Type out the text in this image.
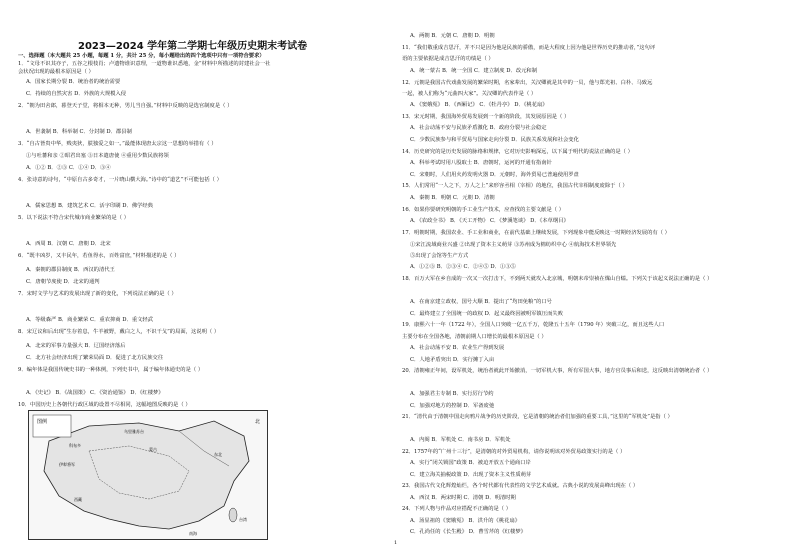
2023—2024 学年第二学期七年级历史期末考试卷
一、选择题（本大题共 25 小题，每题 1 分，共计 25 分，每小题给出的四个选项中只有一项符合要求）
1．“文母不识其亦子，五谷之根枝肖；卢遗物谁识意理，一道物谁识悉地，金”材料中所描述的封建社会一社
会状况出现的最根本原因是（ ）
A．国家长期分裂 B．统治者的统治需要
C．持续的自然灾害 D．外族的大规模入侵
2．“朝为田舍郎，暮登天子堂，将相本无种，男儿当自强。”材料中反映的是选官制度是（ ）
A．世袭制 B．科举制 C．分封制 D．郡县制
3．“自古皆贵中华，贱夷狄，朕独爱之如一。”最能体现唐太宗这一思想的举措有（ ）
①与吐蕃和亲 ②昭君出塞 ③日本遣唐使 ④重用少数民族将领
A．①② B．②③ C．①④ D．③④
4．张诗意的诗句，“中原自古多奇才，一片晓山横大海。”诗中的“道艺”不可能包括（ ）
A．儒家思想 B．建筑艺术 C．活字印刷 D．佛学经典
5．以下说法不符合宋代城市商业繁荣的是（ ）
A．西周 B．汉朝 C．唐朝 D．北宋
6．“既丰凶岁，又丰民年，若鱼得水，百姓富庶，”材料描述的是（ ）
A．秦朝的郡县制度 B．西汉的清代王
C．唐朝节度使 D．北宋的通判
7．宋时文学与艺术的发展出现了新的变化，下列说法正确的是（ ）
A．等级森严 B．商业繁荣 C．重农抑商 D．重文轻武
8．宋辽议和后出现“生存着息，牛羊被野，戴白之人，不识干戈”的局面，这说明（ ）
A．北宋的军事力量强大 B．辽国经济落后
C．北方社会经济出现了繁荣局面 D．促进了北方民族交往
9．编年体是我国传统史书的一种体例，下列史书中，属于编年体通史的是（ ）
A．《史记》 B．《战国策》 C．《资治通鉴》 D．《红楼梦》
10．中国历史上各朝代行政区域的设置不尽相同，这幅地图反映的是（ ）
图例	北
乌里雅苏台
科布多
伊犁将军
蒙古
东北
西藏
台湾
南海
A．两朝 B．元朝 C．唐朝 D．明朝
11．“我们敬重成吉思汗，并不只是因为他是民族的骄傲，而是大程度上因为他是世界历史的推动者，”这句评
语的主要依据是成吉思汗的功绩是（ ）
A．统一蒙古 B．统一全国 C．建立制度 D．改元和制
12．元朝是我国古代戏曲发展的繁荣时期，名家辈出，关汉卿就是其中的一员，他与郑光祖、白朴、马致远
一起，被人们称为“元曲四大家”。关汉卿的代表作是（ ）
A．《窦娥冤》 B．《西厢记》 C．《牡丹亭》 D．《桃花扇》
13．宋元时期，我国海外贸易发展到一个新的阶段，其发展原因是（ ）
A．社会动荡不安与民族矛盾激化 B．政府分裂与社会稳定
C．少数民族参与和平贸易与国家走向分裂 D．民族关系发展和社会变化
14．历史研究的是历史发展的脉络和规律，它对历史影响深远，以下属于明代的说法正确的是（ ）
A．科举考试时用八股取士 B．唐朝时，运河的开通有指南针
C．宋朝时，人们用火药发明火器 D．元朝时，海外贸易已普遍使用罗盘
15．人们常用“一人之下，万人之上”来形容丞相（宰相）的地位，我国古代宰相制度废除于（ ）
A．秦朝 B．明朝 C．元朝 D．清朝
16．如果你要研究明朝的手工业生产技术，应查找的主要文献是（ ）
A．《农政全书》 B．《天工开物》 C．《梦溪笔谈》 D．《本草纲目》
17．明朝时期，我国农业、手工业和商业，在前代基础上继续发展，下列现象中能反映这一时期经济发展的有（ ）
①宋江流域商业兴盛 ②出现了资本主义萌芽 ③苏州成为棉纺织中心 ④航海技术世界领先
⑤出现了会馆等生产方式
A．①②③ B．②③④ C．②④⑤ D．①③⑤
18．百万大军在乡自成的一次又一次打击下，不到两天就攻入北京城，明朝末帝崇祯在煤山自缢。下列关于该起义说法正确的是（ ）
A．在南京建立政权，国号大顺 B．提出了“均田免粮”的口号
C．最终建立了全国统一的政权 D．起义最终因被明军镇压而失败
19．康熙六十一年（1722 年），全国人口突破一亿五千万，乾隆五十五年（1790 年）突破三亿，而且这些人口
主要分布在全国各地，清朝前期人口增长的最根本原因是（ ）
A．社会动荡不安 B．农业生产得到发展
C．人地矛盾突出 D．实行摊丁入亩
20．清朝雍正年间，设军机处，统治者就此开始撤消，一切军机大事，所有军国大事，地方官员事后和送，这反映出清朝统治者（ ）
A．加强君主专制 B．实行厉行节约
C．加强对地方的控制 D．军备废弛
21．“清代由于清朝中国走向鸦片战争的历史阶段，它是清朝的统治者们加强的重要工具，”这里的“军机处”是指（ ）
A．内阁 B．军机处 C．南书房 D．军机处
22．1757年的“广州十三行”，是清朝的对外贸易机构，请你说明该对外贸易政策实行的是（ ）
A．实行“闭关锁国”政策 B．被迫开放五个通商口岸
C．建立海关抽税政策 D．出现了资本主义性质萌芽
23．我国古代文化辉煌灿烂，各个时代都有代表性的文学艺术成就。古典小说的发展高峰出现在（ ）
A．西汉 B．两宋时期 C．清朝 D．明清时期
24．下列人物与作品对应搭配不正确的是（ ）
A．汤显祖的《窦娥冤》 B．洪升的《桃花扇》
C．孔尚任的《长生殿》 D．曹雪芹的《红楼梦》
1
